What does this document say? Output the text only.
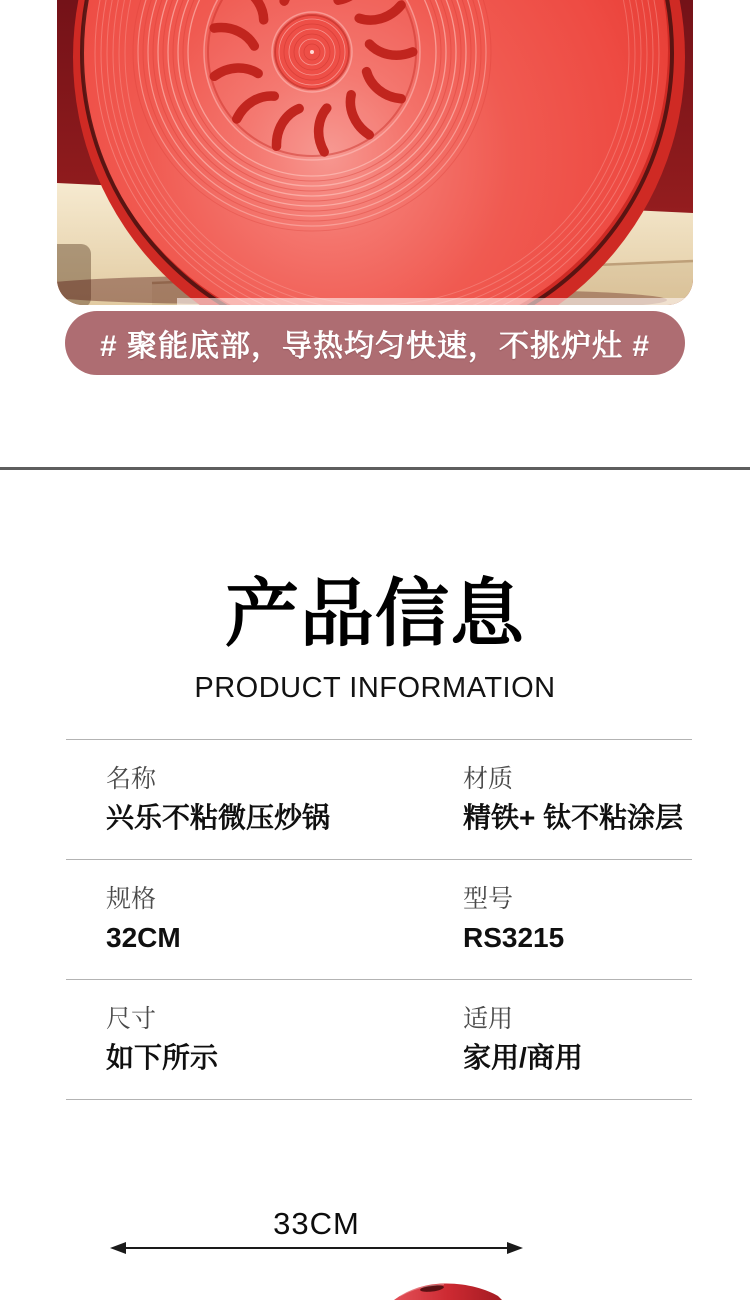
# 聚能底部，导热均匀快速，不挑炉灶 #
产品信息
PRODUCT INFORMATION
名称
兴乐不粘微压炒锅
材质
精铁+ 钛不粘涂层
规格
32CM
型号
RS3215
尺寸
如下所示
适用
家用/商用
33CM
